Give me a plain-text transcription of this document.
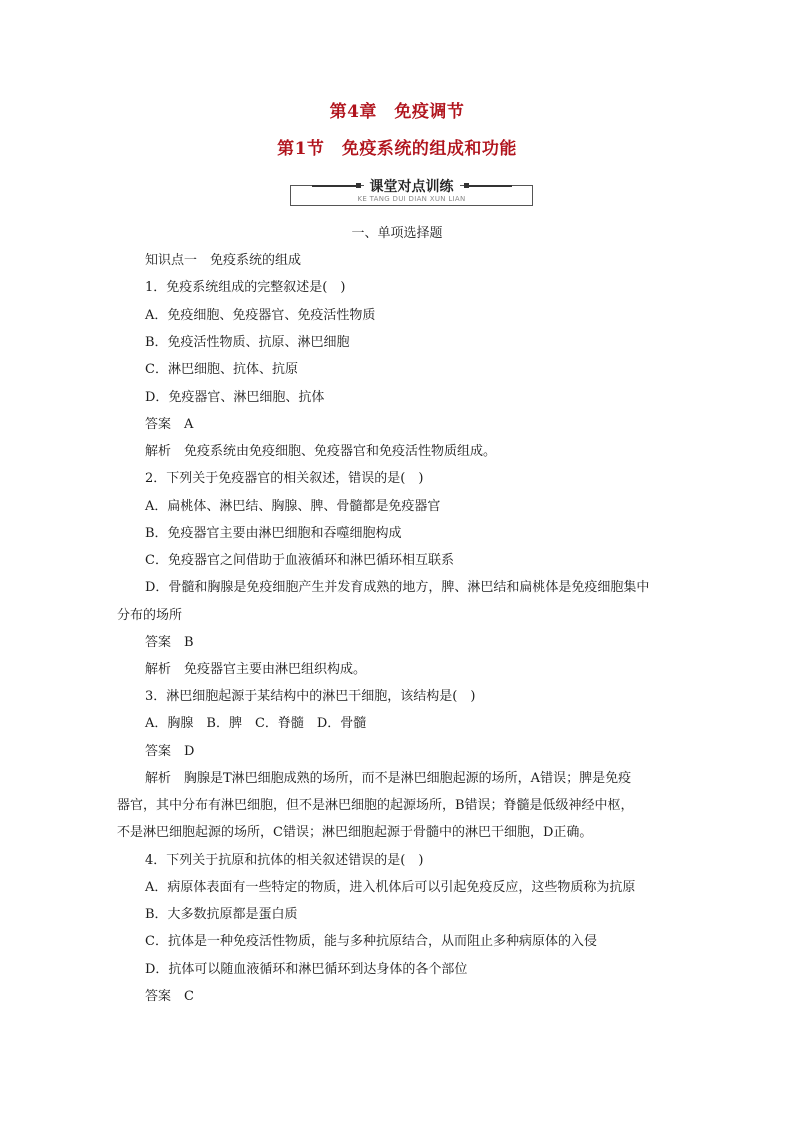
第4章　免疫调节
第1节　免疫系统的组成和功能
课堂对点训练
KE TANG DUI DIAN XUN LIAN
一、单项选择题
知识点一　免疫系统的组成
1．免疫系统组成的完整叙述是(　)
A．免疫细胞、免疫器官、免疫活性物质
B．免疫活性物质、抗原、淋巴细胞
C．淋巴细胞、抗体、抗原
D．免疫器官、淋巴细胞、抗体
答案 A
解析 免疫系统由免疫细胞、免疫器官和免疫活性物质组成。
2．下列关于免疫器官的相关叙述，错误的是(　)
A．扁桃体、淋巴结、胸腺、脾、骨髓都是免疫器官
B．免疫器官主要由淋巴细胞和吞噬细胞构成
C．免疫器官之间借助于血液循环和淋巴循环相互联系
D．骨髓和胸腺是免疫细胞产生并发育成熟的地方，脾、淋巴结和扁桃体是免疫细胞集中
分布的场所
答案 B
解析 免疫器官主要由淋巴组织构成。
3．淋巴细胞起源于某结构中的淋巴干细胞，该结构是(　)
A．胸腺　B．脾　C．脊髓　D．骨髓
答案 D
解析 胸腺是T淋巴细胞成熟的场所，而不是淋巴细胞起源的场所，A错误；脾是免疫
器官，其中分布有淋巴细胞，但不是淋巴细胞的起源场所，B错误；脊髓是低级神经中枢，
不是淋巴细胞起源的场所，C错误；淋巴细胞起源于骨髓中的淋巴干细胞，D正确。
4．下列关于抗原和抗体的相关叙述错误的是(　)
A．病原体表面有一些特定的物质，进入机体后可以引起免疫反应，这些物质称为抗原
B．大多数抗原都是蛋白质
C．抗体是一种免疫活性物质，能与多种抗原结合，从而阻止多种病原体的入侵
D．抗体可以随血液循环和淋巴循环到达身体的各个部位
答案 C
